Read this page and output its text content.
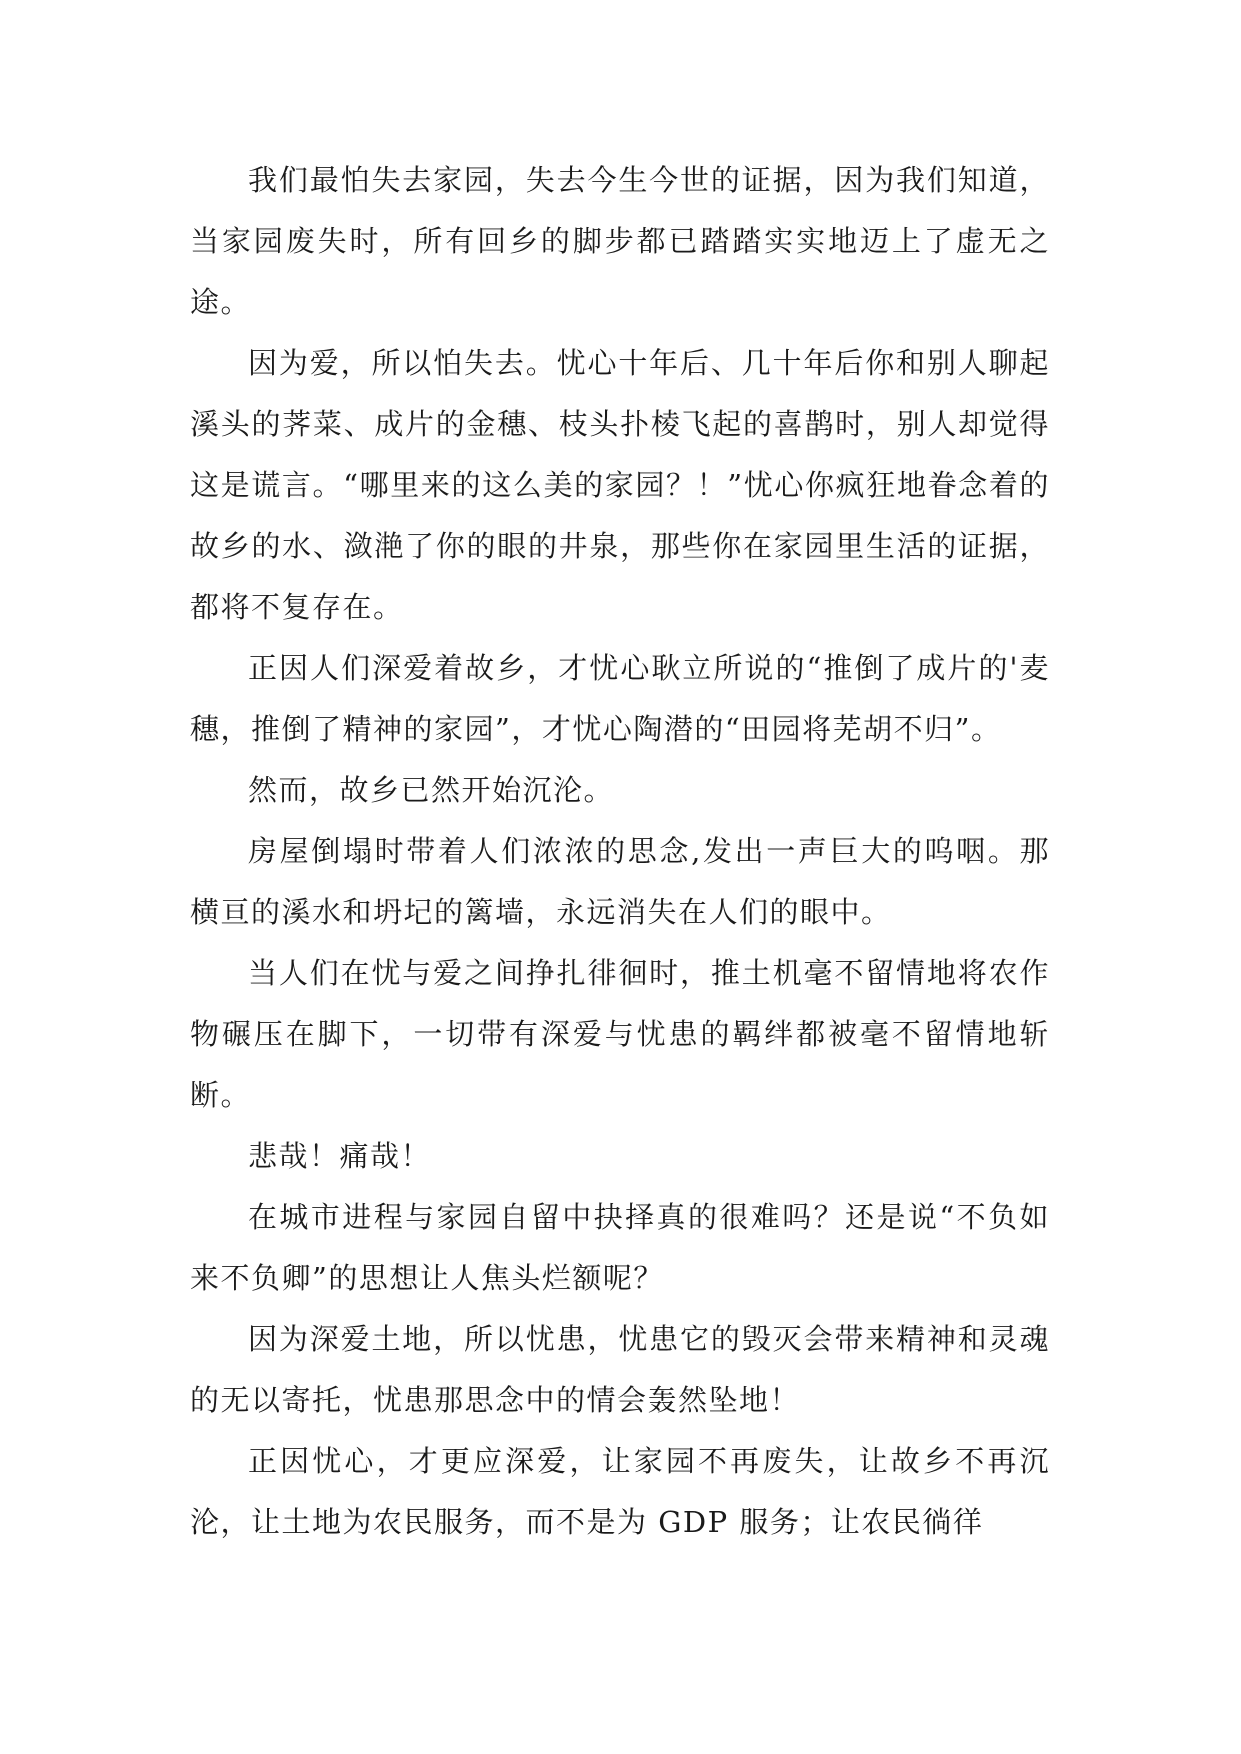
我们最怕失去家园，失去今生今世的证据，因为我们知道，当家园废失时，所有回乡的脚步都已踏踏实实地迈上了虚无之途。

因为爱，所以怕失去。忧心十年后、几十年后你和别人聊起溪头的荠菜、成片的金穗、枝头扑棱飞起的喜鹊时，别人却觉得这是谎言。“哪里来的这么美的家园？！”忧心你疯狂地眷念着的故乡的水、潋滟了你的眼的井泉，那些你在家园里生活的证据，都将不复存在。

正因人们深爱着故乡，才忧心耿立所说的“推倒了成片的'麦穗，推倒了精神的家园”，才忧心陶潜的“田园将芜胡不归”。

然而，故乡已然开始沉沦。

房屋倒塌时带着人们浓浓的思念,发出一声巨大的呜咽。那横亘的溪水和坍圮的篱墙，永远消失在人们的眼中。

当人们在忧与爱之间挣扎徘徊时，推土机毫不留情地将农作物碾压在脚下，一切带有深爱与忧患的羁绊都被毫不留情地斩断。

悲哉！痛哉！

在城市进程与家园自留中抉择真的很难吗？还是说“不负如来不负卿”的思想让人焦头烂额呢？

因为深爱土地，所以忧患，忧患它的毁灭会带来精神和灵魂的无以寄托，忧患那思念中的情会轰然坠地！

正因忧心，才更应深爱，让家园不再废失，让故乡不再沉沦，让土地为农民服务，而不是为 GDP 服务；让农民徜徉
